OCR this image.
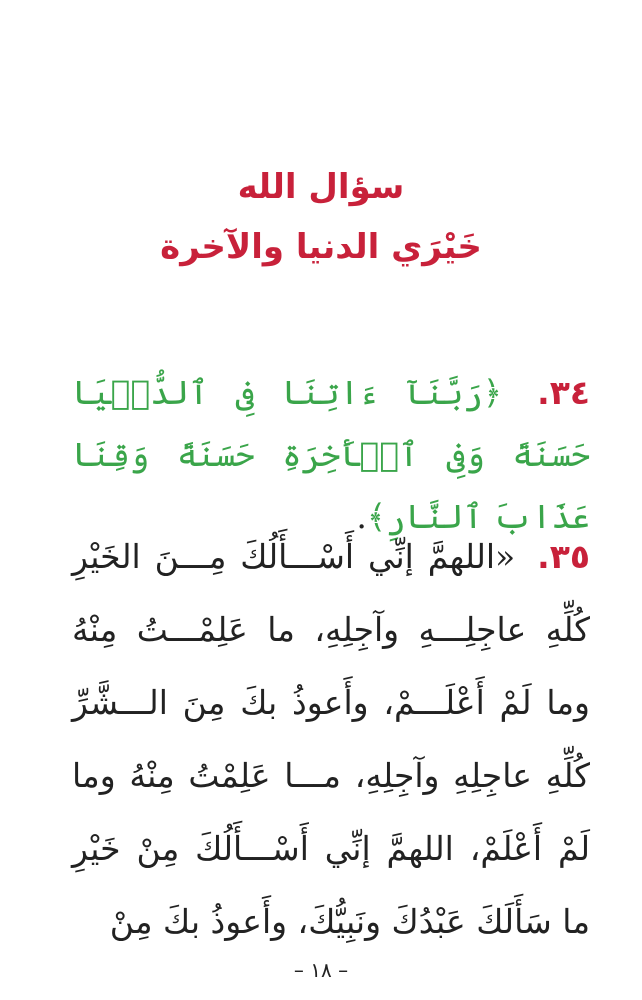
سؤال الله
خَيْرَي الدنيا والآخرة
٣٤. ﴿رَبَّنَآ ءَاتِنَا فِى ٱلدُّنۡيَا حَسَنَةً وَفِى ٱلۡأَخِرَةِ حَسَنَةً وَقِنَا عَذَابَ ٱلنَّارِ﴾.
٣٥. «اللهمَّ إنِّي أَسْـــأَلُكَ مِـــنَ الخَيْرِ كُلِّهِ عاجِلِـــهِ وآجِلِهِ، ما عَلِمْـــتُ مِنْهُ وما لَمْ أَعْلَـــمْ، وأَعوذُ بكَ مِنَ الـــشَّرِّ كُلِّهِ عاجِلِهِ وآجِلِهِ، مـــا عَلِمْتُ مِنْهُ وما لَمْ أَعْلَمْ، اللهمَّ إنِّي أَسْـــأَلُكَ مِنْ خَيْرِ ما سَأَلَكَ عَبْدُكَ ونَبِيُّكَ، وأَعوذُ بكَ مِنْ
– ١٨ –
